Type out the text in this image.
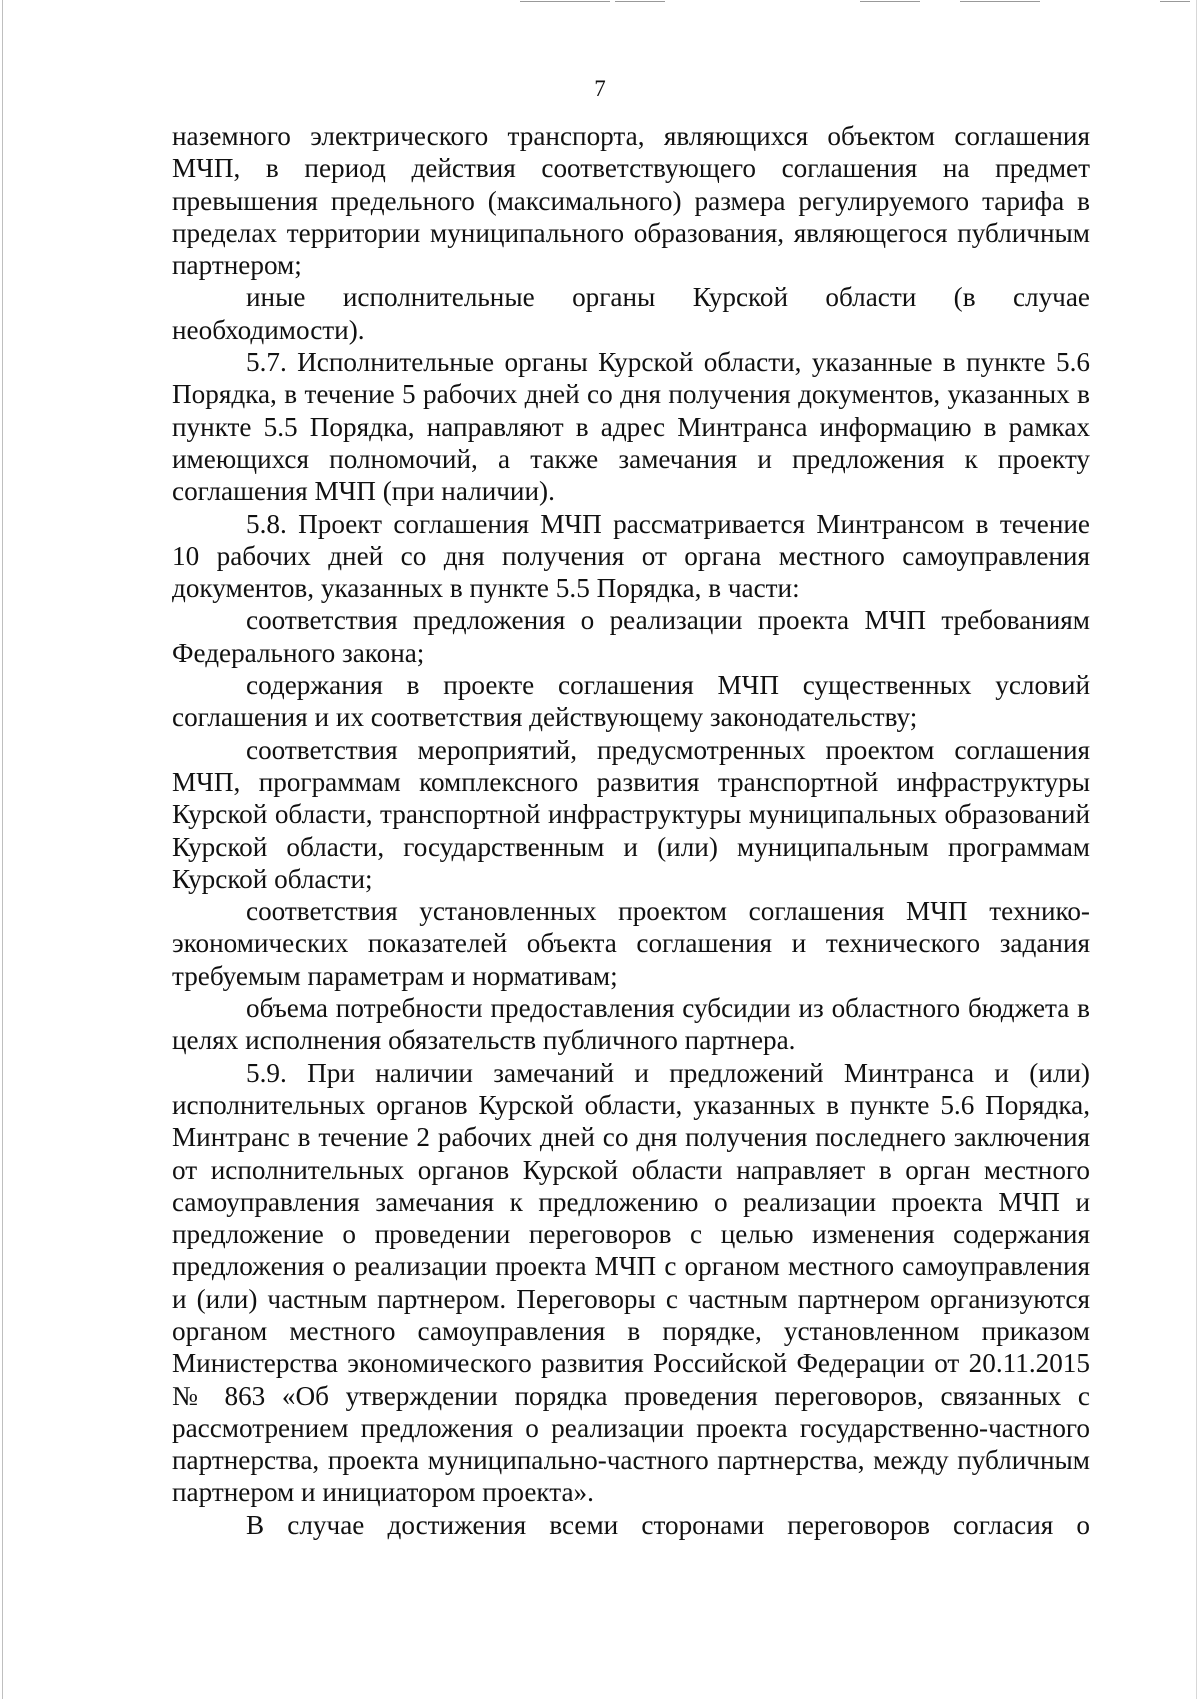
7

наземного электрического транспорта, являющихся объектом соглашения МЧП, в период действия соответствующего соглашения на предмет превышения предельного (максимального) размера регулируемого тарифа в пределах территории муниципального образования, являющегося публичным партнером;

иные исполнительные органы Курской области (в случае необходимости).

5.7. Исполнительные органы Курской области, указанные в пункте 5.6 Порядка, в течение 5 рабочих дней со дня получения документов, указанных в пункте 5.5 Порядка, направляют в адрес Минтранса информацию в рамках имеющихся полномочий, а также замечания и предложения к проекту соглашения МЧП (при наличии).

5.8. Проект соглашения МЧП рассматривается Минтрансом в течение 10 рабочих дней со дня получения от органа местного самоуправления документов, указанных в пункте 5.5 Порядка, в части:

соответствия предложения о реализации проекта МЧП требованиям Федерального закона;

содержания в проекте соглашения МЧП существенных условий соглашения и их соответствия действующему законодательству;

соответствия мероприятий, предусмотренных проектом соглашения МЧП, программам комплексного развития транспортной инфраструктуры Курской области, транспортной инфраструктуры муниципальных образований Курской области, государственным и (или) муниципальным программам Курской области;

соответствия установленных проектом соглашения МЧП технико-экономических показателей объекта соглашения и технического задания требуемым параметрам и нормативам;

объема потребности предоставления субсидии из областного бюджета в целях исполнения обязательств публичного партнера.

5.9. При наличии замечаний и предложений Минтранса и (или) исполнительных органов Курской области, указанных в пункте 5.6 Порядка, Минтранс в течение 2 рабочих дней со дня получения последнего заключения от исполнительных органов Курской области направляет в орган местного самоуправления замечания к предложению о реализации проекта МЧП и предложение о проведении переговоров с целью изменения содержания предложения о реализации проекта МЧП с органом местного самоуправления и (или) частным партнером. Переговоры с частным партнером организуются органом местного самоуправления в порядке, установленном приказом Министерства экономического развития Российской Федерации от 20.11.2015 № 863 «Об утверждении порядка проведения переговоров, связанных с рассмотрением предложения о реализации проекта государственно-частного партнерства, проекта муниципально-частного партнерства, между публичным партнером и инициатором проекта».

В случае достижения всеми сторонами переговоров согласия о
